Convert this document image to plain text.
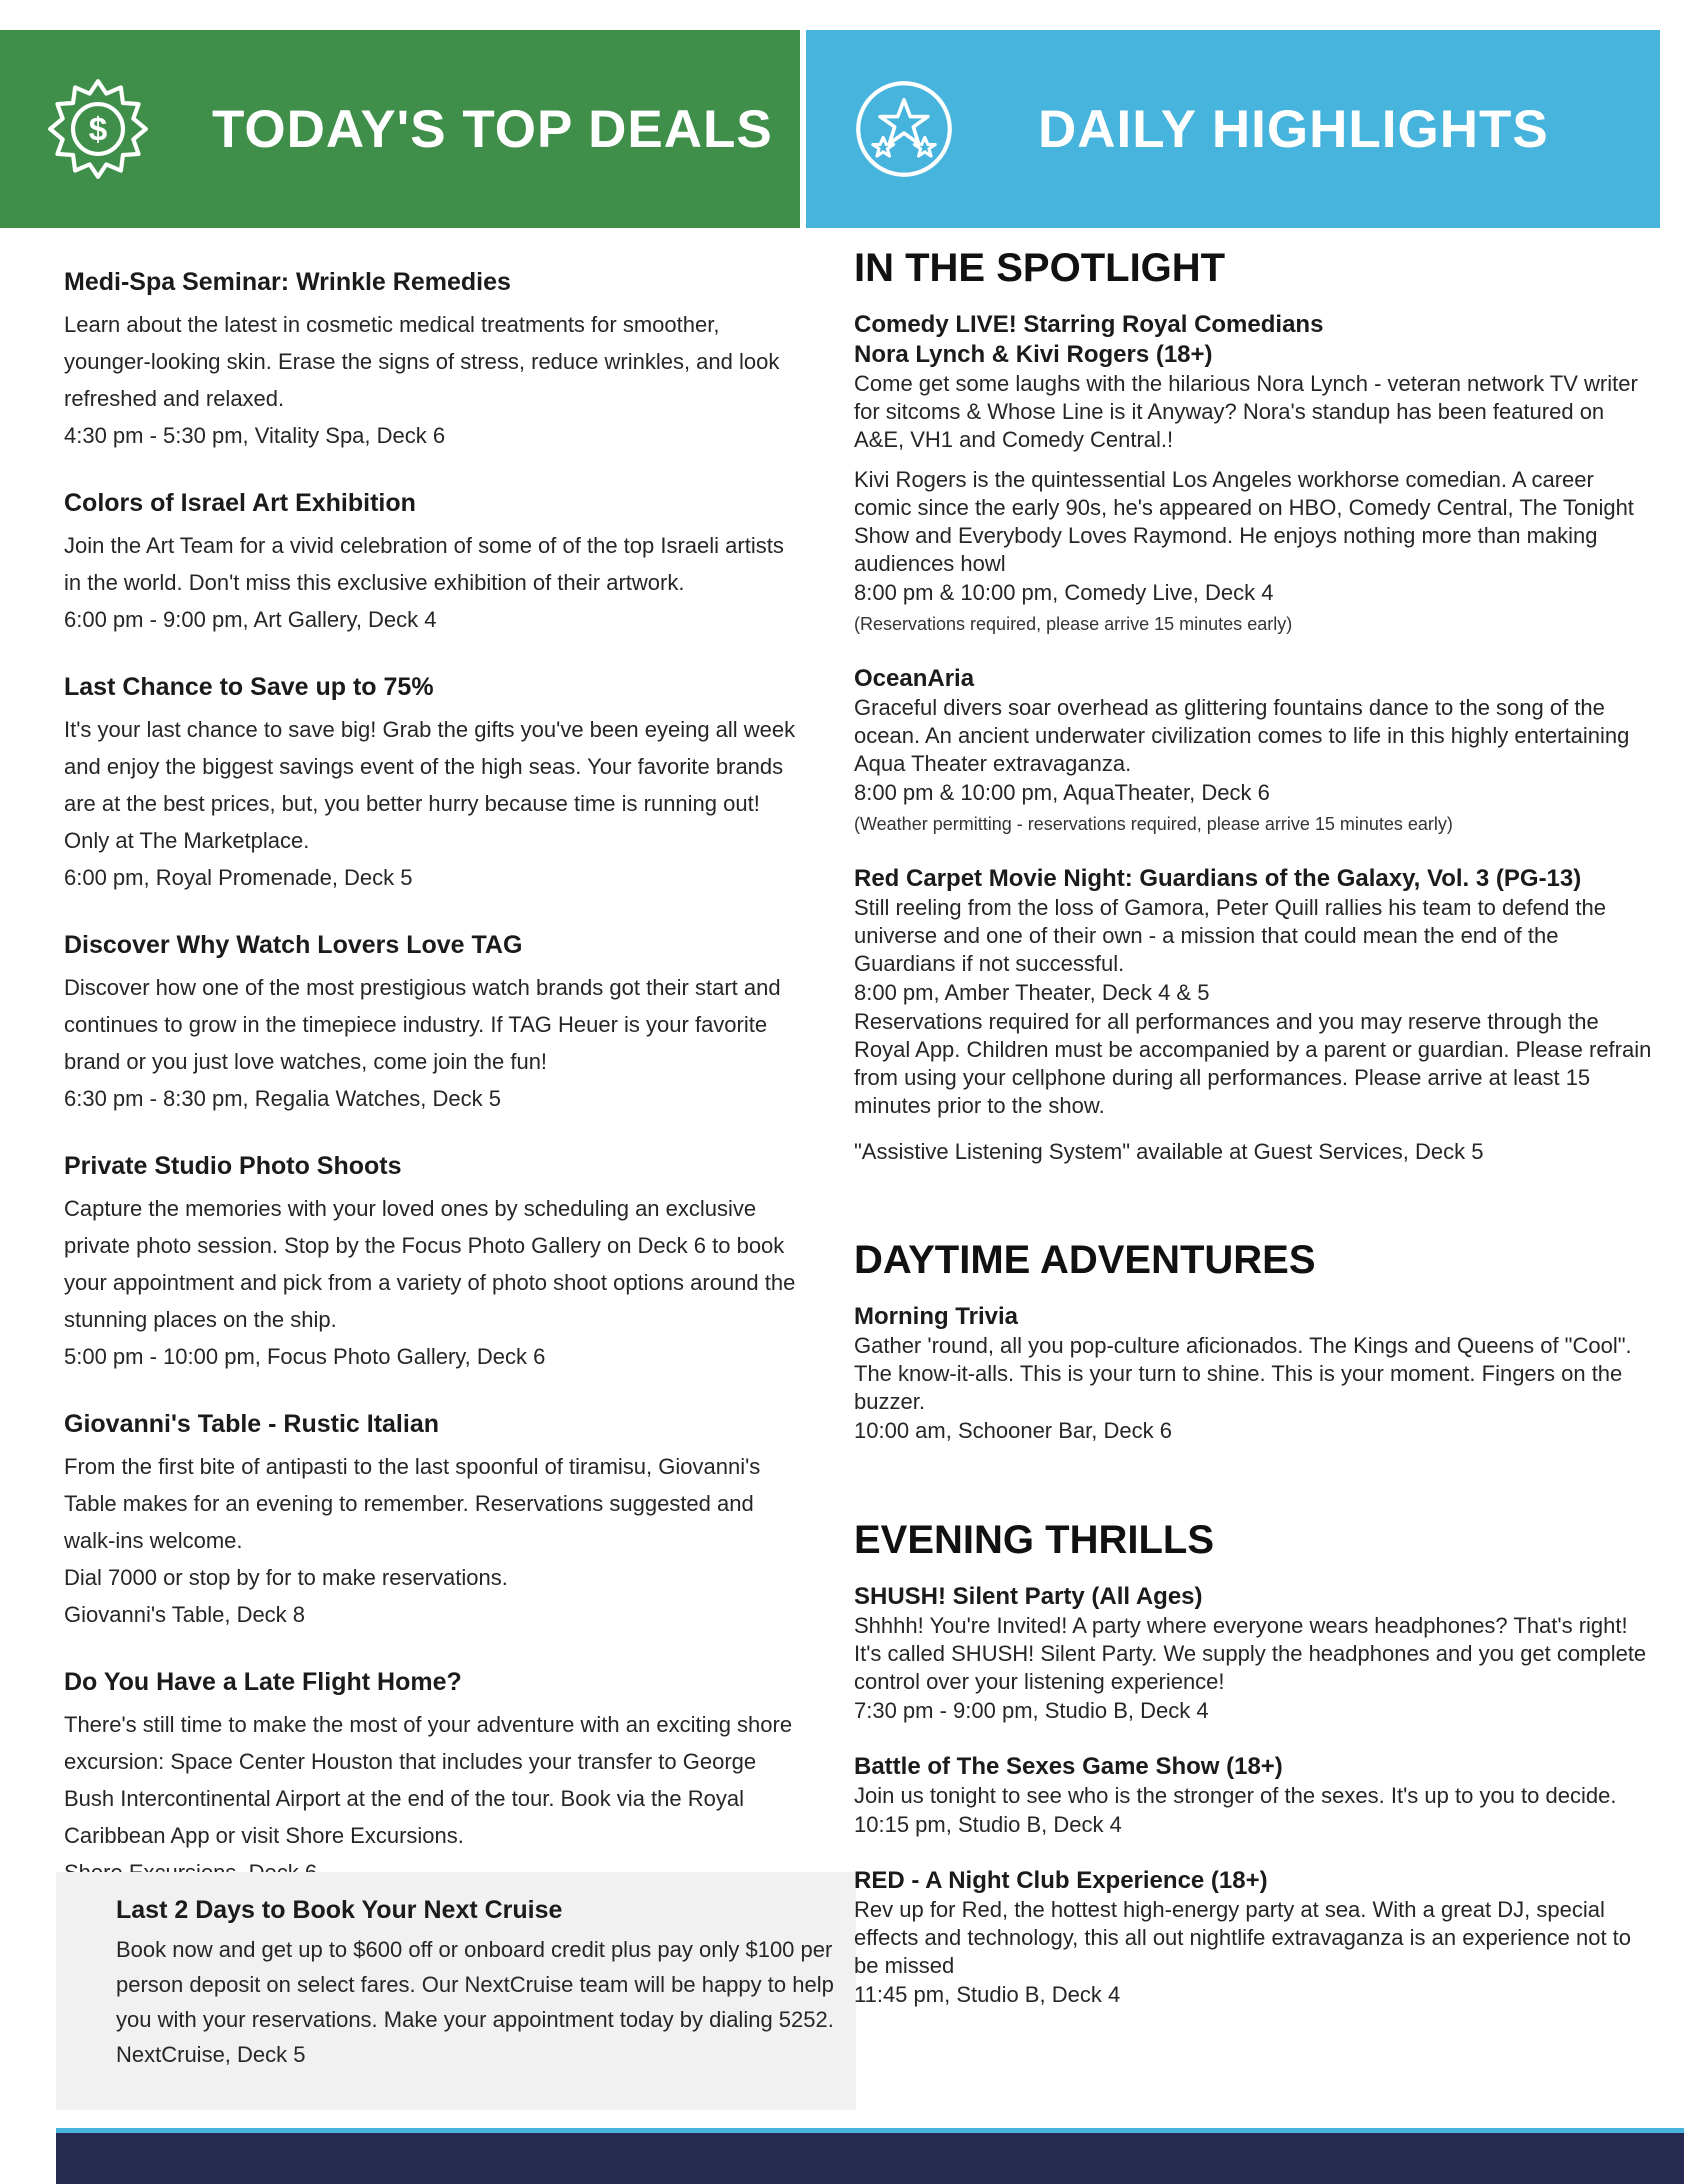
$ TODAY'S TOP DEALS	DAILY HIGHLIGHTS
Medi-Spa Seminar: Wrinkle Remedies

Learn about the latest in cosmetic medical treatments for smoother, younger-looking skin. Erase the signs of stress, reduce wrinkles, and look refreshed and relaxed.

4:30 pm - 5:30 pm, Vitality Spa, Deck 6

Colors of Israel Art Exhibition

Join the Art Team for a vivid celebration of some of of the top Israeli artists in the world. Don't miss this exclusive exhibition of their artwork.

6:00 pm - 9:00 pm, Art Gallery, Deck 4

Last Chance to Save up to 75%

It's your last chance to save big! Grab the gifts you've been eyeing all week and enjoy the biggest savings event of the high seas. Your favorite brands are at the best prices, but, you better hurry because time is running out! Only at The Marketplace.

6:00 pm, Royal Promenade, Deck 5

Discover Why Watch Lovers Love TAG

Discover how one of the most prestigious watch brands got their start and continues to grow in the timepiece industry. If TAG Heuer is your favorite brand or you just love watches, come join the fun!

6:30 pm - 8:30 pm, Regalia Watches, Deck 5

Private Studio Photo Shoots

Capture the memories with your loved ones by scheduling an exclusive private photo session. Stop by the Focus Photo Gallery on Deck 6 to book your appointment and pick from a variety of photo shoot options around the stunning places on the ship.

5:00 pm - 10:00 pm, Focus Photo Gallery, Deck 6

Giovanni's Table - Rustic Italian

From the first bite of antipasti to the last spoonful of tiramisu, Giovanni's Table makes for an evening to remember. Reservations suggested and walk-ins welcome.

Dial 7000 or stop by for to make reservations.

Giovanni's Table, Deck 8

Do You Have a Late Flight Home?

There's still time to make the most of your adventure with an exciting shore excursion: Space Center Houston that includes your transfer to George Bush Intercontinental Airport at the end of the tour. Book via the Royal Caribbean App or visit Shore Excursions.

Last 2 Days to Book Your Next Cruise

Book now and get up to $600 off or onboard credit plus pay only $100 per person deposit on select fares. Our NextCruise team will be happy to help you with your reservations. Make your appointment today by dialing 5252.

NextCruise, Deck 5

IN THE SPOTLIGHT
Comedy LIVE! Starring Royal Comedians
Nora Lynch & Kivi Rogers (18+)

Come get some laughs with the hilarious Nora Lynch - veteran network TV writer for sitcoms & Whose Line is it Anyway? Nora's standup has been featured on A&E, VH1 and Comedy Central.!

Kivi Rogers is the quintessential Los Angeles workhorse comedian. A career comic since the early 90s, he's appeared on HBO, Comedy Central, The Tonight Show and Everybody Loves Raymond. He enjoys nothing more than making audiences howl

8:00 pm & 10:00 pm, Comedy Live, Deck 4

(Reservations required, please arrive 15 minutes early)

OceanAria

Graceful divers soar overhead as glittering fountains dance to the song of the ocean. An ancient underwater civilization comes to life in this highly entertaining Aqua Theater extravaganza.

8:00 pm & 10:00 pm, AquaTheater, Deck 6

(Weather permitting - reservations required, please arrive 15 minutes early)

Red Carpet Movie Night: Guardians of the Galaxy, Vol. 3 (PG-13)

Still reeling from the loss of Gamora, Peter Quill rallies his team to defend the universe and one of their own - a mission that could mean the end of the Guardians if not successful.

8:00 pm, Amber Theater, Deck 4 & 5

Reservations required for all performances and you may reserve through the Royal App. Children must be accompanied by a parent or guardian. Please refrain from using your cellphone during all performances. Please arrive at least 15 minutes prior to the show.

"Assistive Listening System" available at Guest Services, Deck 5

DAYTIME ADVENTURES
Morning Trivia

Gather 'round, all you pop-culture aficionados. The Kings and Queens of "Cool". The know-it-alls. This is your turn to shine. This is your moment. Fingers on the buzzer.

10:00 am, Schooner Bar, Deck 6

EVENING THRILLS
SHUSH! Silent Party (All Ages)

Shhhh! You're Invited! A party where everyone wears headphones? That's right! It's called SHUSH! Silent Party. We supply the headphones and you get complete control over your listening experience!

7:30 pm - 9:00 pm, Studio B, Deck 4

Battle of The Sexes Game Show (18+)

Join us tonight to see who is the stronger of the sexes. It's up to you to decide.

10:15 pm, Studio B, Deck 4

RED - A Night Club Experience (18+)

Rev up for Red, the hottest high-energy party at sea. With a great DJ, special effects and technology, this all out nightlife extravaganza is an experience not to be missed

11:45 pm, Studio B, Deck 4
